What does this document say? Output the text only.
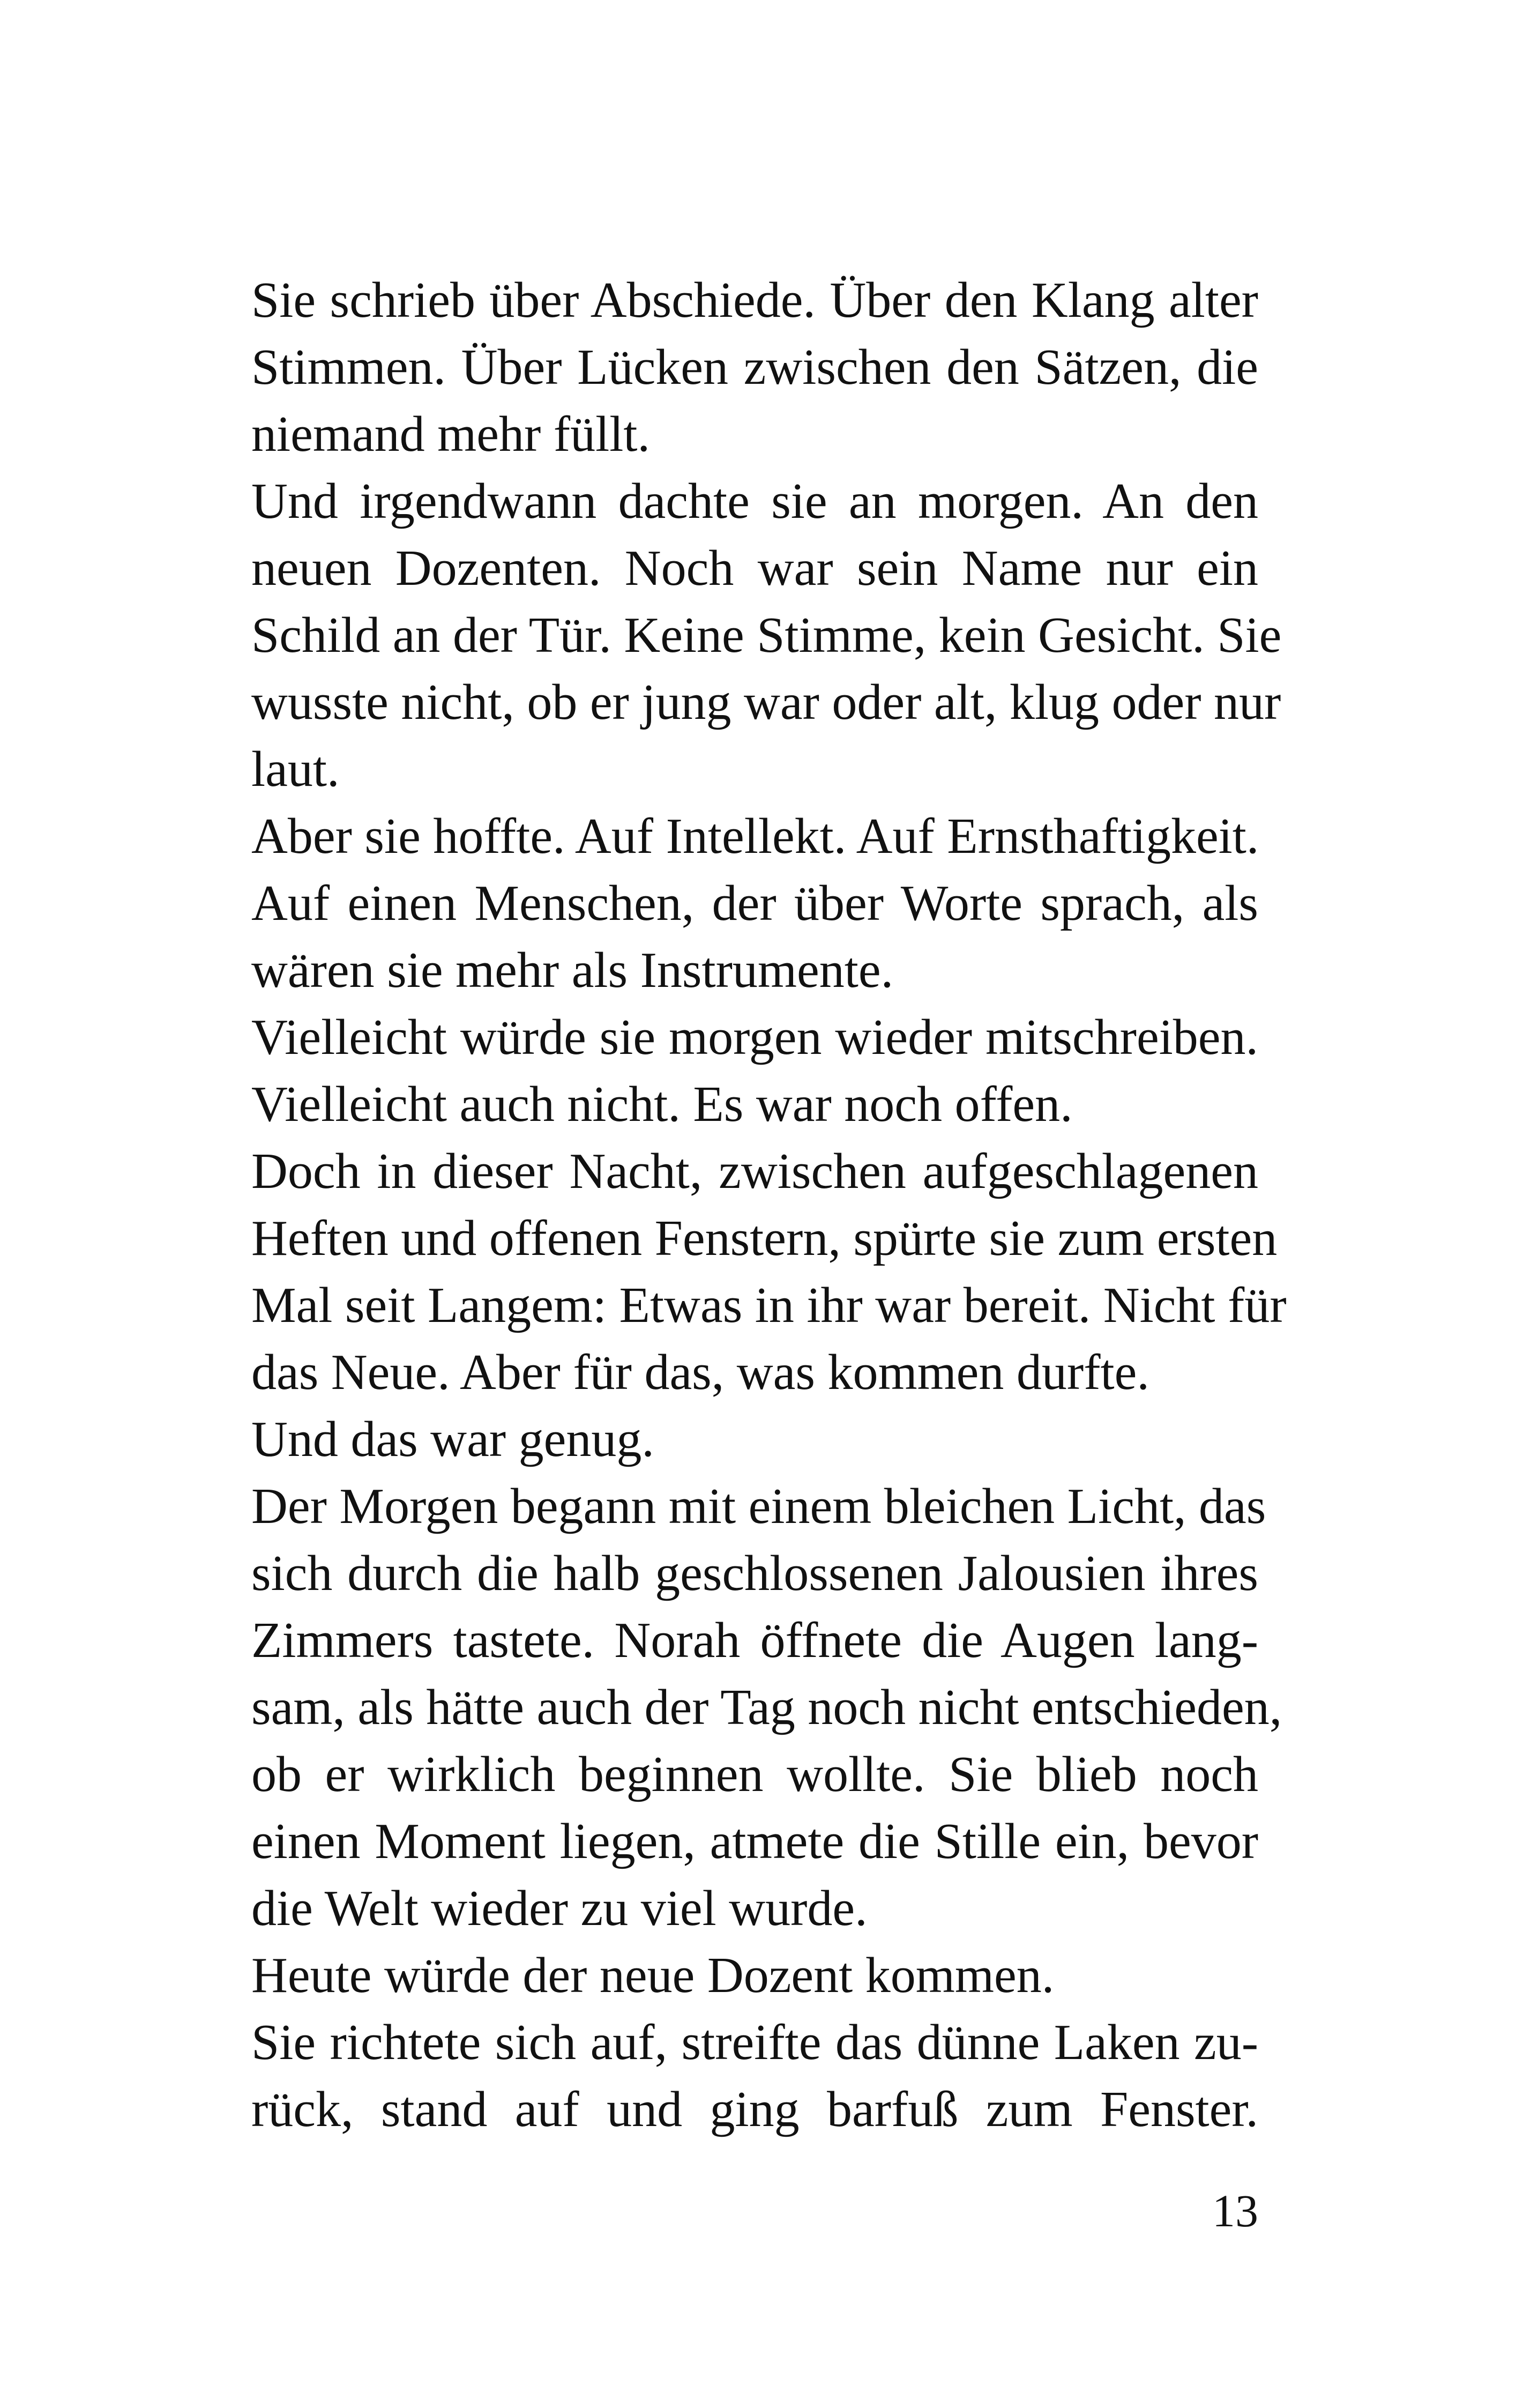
Sie schrieb über Abschiede. Über den Klang alter
Stimmen. Über Lücken zwischen den Sätzen, die
niemand mehr füllt.
Und irgendwann dachte sie an morgen. An den
neuen Dozenten. Noch war sein Name nur ein
Schild an der Tür. Keine Stimme, kein Gesicht. Sie
wusste nicht, ob er jung war oder alt, klug oder nur
laut.
Aber sie hoffte. Auf Intellekt. Auf Ernsthaftigkeit.
Auf einen Menschen, der über Worte sprach, als
wären sie mehr als Instrumente.
Vielleicht würde sie morgen wieder mitschreiben.
Vielleicht auch nicht. Es war noch offen.
Doch in dieser Nacht, zwischen aufgeschlagenen
Heften und offenen Fenstern, spürte sie zum ersten
Mal seit Langem: Etwas in ihr war bereit. Nicht für
das Neue. Aber für das, was kommen durfte.
Und das war genug.
Der Morgen begann mit einem bleichen Licht, das
sich durch die halb geschlossenen Jalousien ihres
Zimmers tastete. Norah öffnete die Augen lang-
sam, als hätte auch der Tag noch nicht entschieden,
ob er wirklich beginnen wollte. Sie blieb noch
einen Moment liegen, atmete die Stille ein, bevor
die Welt wieder zu viel wurde.
Heute würde der neue Dozent kommen.
Sie richtete sich auf, streifte das dünne Laken zu-
rück, stand auf und ging barfuß zum Fenster.
13
